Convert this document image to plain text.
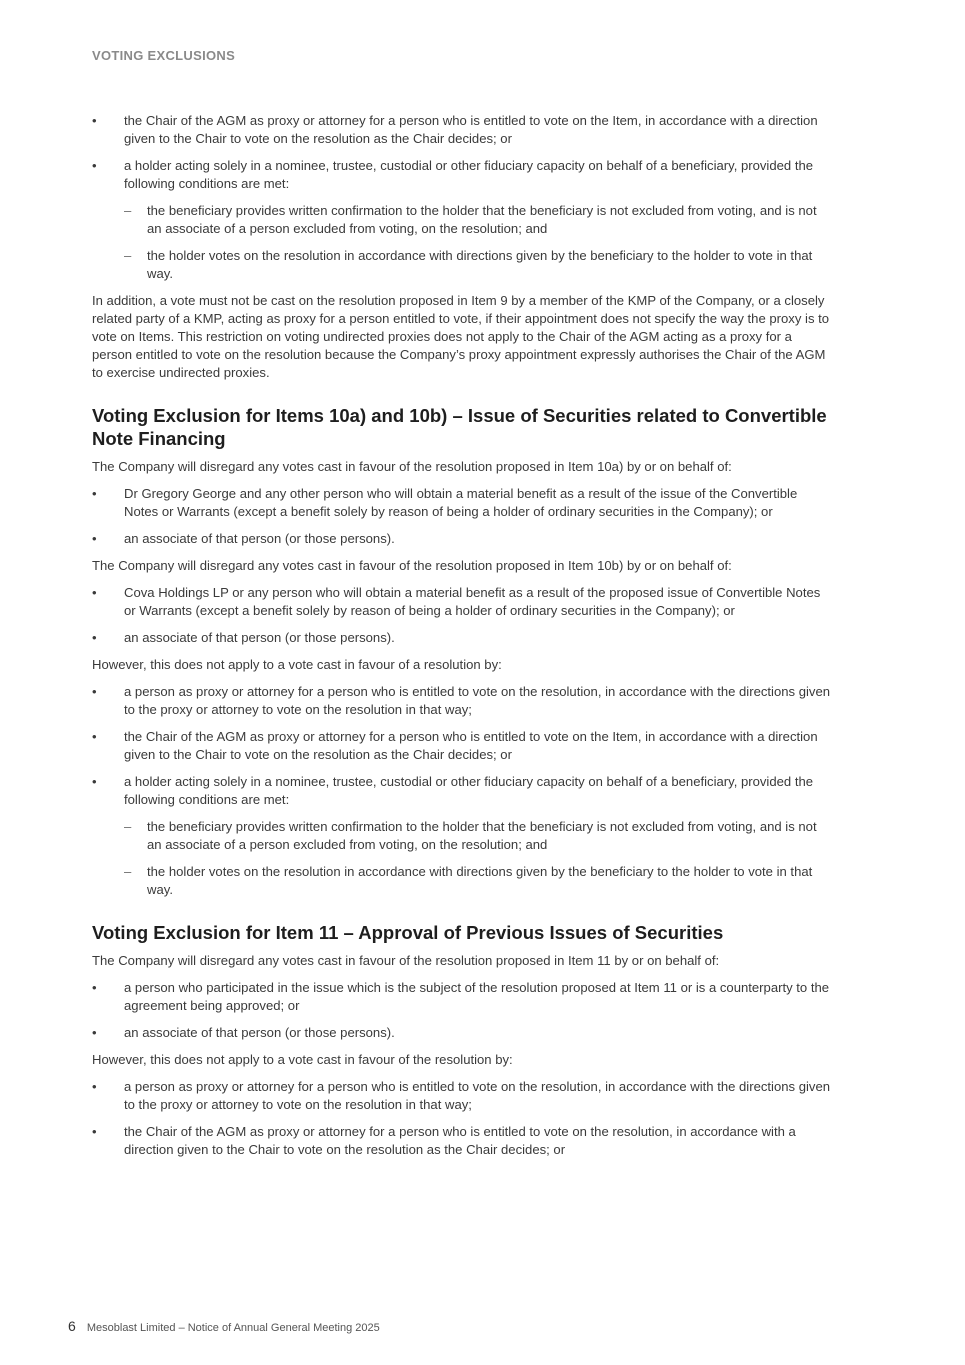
VOTING EXCLUSIONS
• the Chair of the AGM as proxy or attorney for a person who is entitled to vote on the Item, in accordance with a direction given to the Chair to vote on the resolution as the Chair decides; or
• a holder acting solely in a nominee, trustee, custodial or other fiduciary capacity on behalf of a beneficiary, provided the following conditions are met:
– the beneficiary provides written confirmation to the holder that the beneficiary is not excluded from voting, and is not an associate of a person excluded from voting, on the resolution; and
– the holder votes on the resolution in accordance with directions given by the beneficiary to the holder to vote in that way.

In addition, a vote must not be cast on the resolution proposed in Item 9 by a member of the KMP of the Company, or a closely related party of a KMP, acting as proxy for a person entitled to vote, if their appointment does not specify the way the proxy is to vote on Items. This restriction on voting undirected proxies does not apply to the Chair of the AGM acting as a proxy for a person entitled to vote on the resolution because the Company’s proxy appointment expressly authorises the Chair of the AGM to exercise undirected proxies.

Voting Exclusion for Items 10a) and 10b) – Issue of Securities related to Convertible Note Financing

The Company will disregard any votes cast in favour of the resolution proposed in Item 10a) by or on behalf of:

• Dr Gregory George and any other person who will obtain a material benefit as a result of the issue of the Convertible Notes or Warrants (except a benefit solely by reason of being a holder of ordinary securities in the Company); or
• an associate of that person (or those persons).

The Company will disregard any votes cast in favour of the resolution proposed in Item 10b) by or on behalf of:

• Cova Holdings LP or any person who will obtain a material benefit as a result of the proposed issue of Convertible Notes or Warrants (except a benefit solely by reason of being a holder of ordinary securities in the Company); or
• an associate of that person (or those persons).

However, this does not apply to a vote cast in favour of a resolution by:

• a person as proxy or attorney for a person who is entitled to vote on the resolution, in accordance with the directions given to the proxy or attorney to vote on the resolution in that way;
• the Chair of the AGM as proxy or attorney for a person who is entitled to vote on the Item, in accordance with a direction given to the Chair to vote on the resolution as the Chair decides; or
• a holder acting solely in a nominee, trustee, custodial or other fiduciary capacity on behalf of a beneficiary, provided the following conditions are met:
– the beneficiary provides written confirmation to the holder that the beneficiary is not excluded from voting, and is not an associate of a person excluded from voting, on the resolution; and
– the holder votes on the resolution in accordance with directions given by the beneficiary to the holder to vote in that way.
Voting Exclusion for Item 11 – Approval of Previous Issues of Securities

The Company will disregard any votes cast in favour of the resolution proposed in Item 11 by or on behalf of:

• a person who participated in the issue which is the subject of the resolution proposed at Item 11 or is a counterparty to the agreement being approved; or
• an associate of that person (or those persons).

However, this does not apply to a vote cast in favour of the resolution by:

• a person as proxy or attorney for a person who is entitled to vote on the resolution, in accordance with the directions given to the proxy or attorney to vote on the resolution in that way;
• the Chair of the AGM as proxy or attorney for a person who is entitled to vote on the resolution, in accordance with a direction given to the Chair to vote on the resolution as the Chair decides; or
6 Mesoblast Limited – Notice of Annual General Meeting 2025
